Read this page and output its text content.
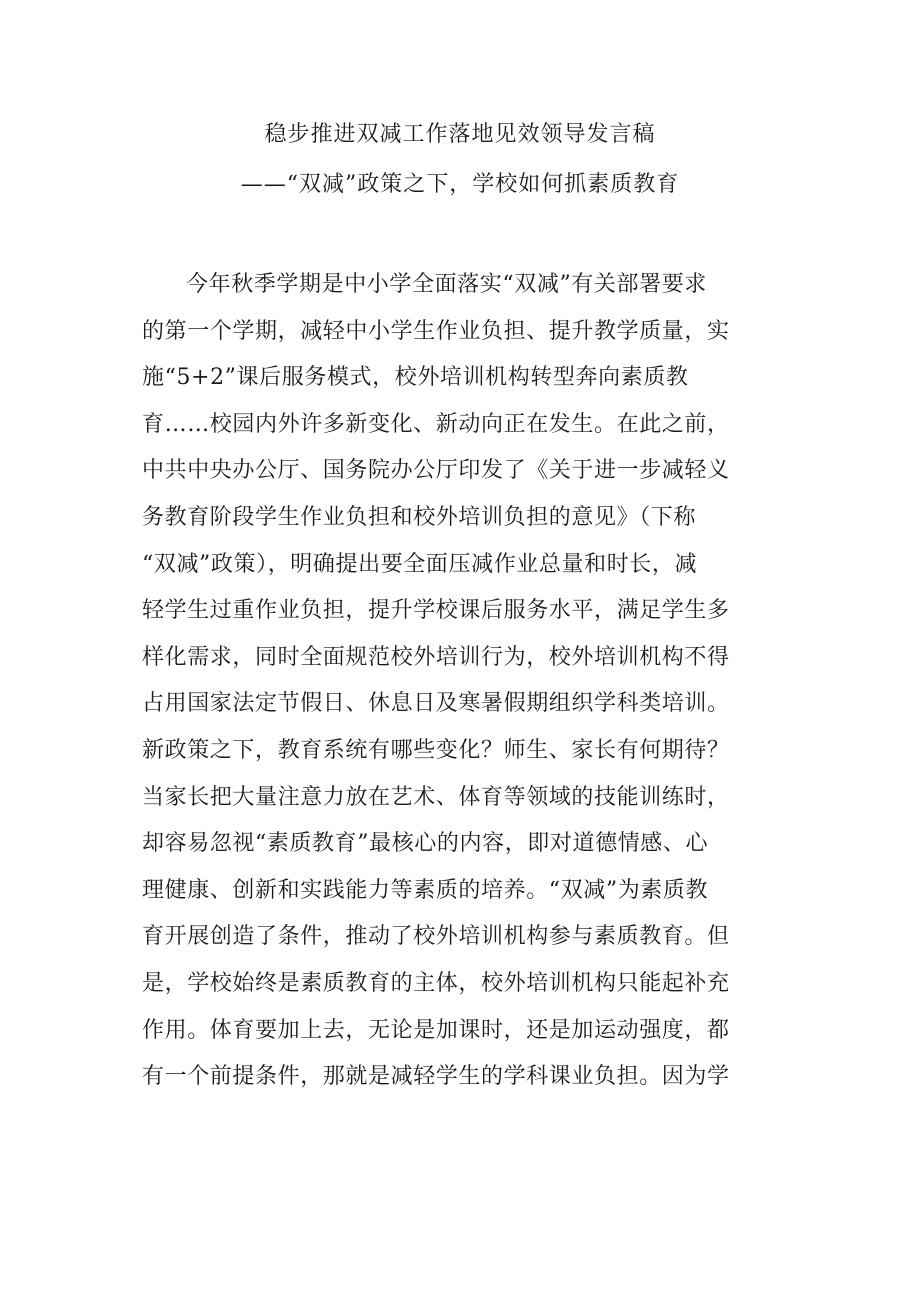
稳步推进双减工作落地见效领导发言稿
——“双减”政策之下，学校如何抓素质教育
今年秋季学期是中小学全面落实“双减”有关部署要求
的第一个学期，减轻中小学生作业负担、提升教学质量，实
施“5+2”课后服务模式，校外培训机构转型奔向素质教
育……校园内外许多新变化、新动向正在发生。在此之前，
中共中央办公厅、国务院办公厅印发了《关于进一步减轻义
务教育阶段学生作业负担和校外培训负担的意见》（下称
“双减”政策），明确提出要全面压减作业总量和时长，减
轻学生过重作业负担，提升学校课后服务水平，满足学生多
样化需求，同时全面规范校外培训行为，校外培训机构不得
占用国家法定节假日、休息日及寒暑假期组织学科类培训。
新政策之下，教育系统有哪些变化？师生、家长有何期待？
当家长把大量注意力放在艺术、体育等领域的技能训练时，
却容易忽视“素质教育”最核心的内容，即对道德情感、心
理健康、创新和实践能力等素质的培养。“双减”为素质教
育开展创造了条件，推动了校外培训机构参与素质教育。但
是，学校始终是素质教育的主体，校外培训机构只能起补充
作用。体育要加上去，无论是加课时，还是加运动强度，都
有一个前提条件，那就是减轻学生的学科课业负担。因为学
